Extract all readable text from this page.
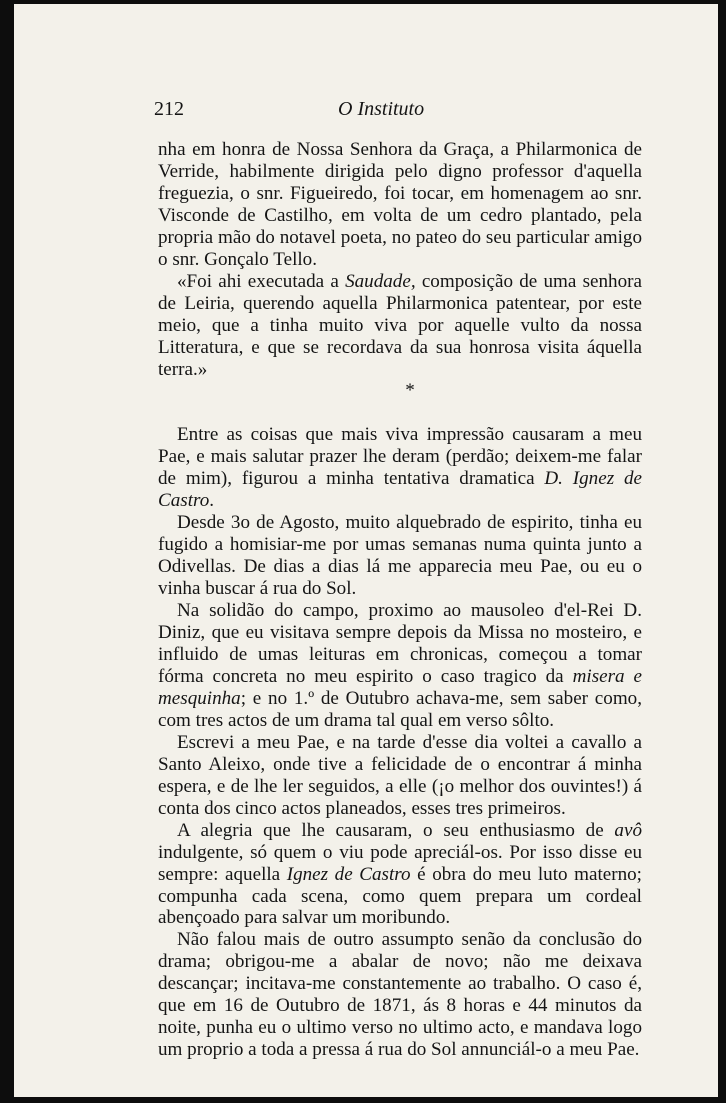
212	O Instituto

nha em honra de Nossa Senhora da Graça, a Philarmonica de Verride, habilmente dirigida pelo digno professor d'aquella freguezia, o snr. Figueiredo, foi tocar, em homenagem ao snr. Visconde de Castilho, em volta de um cedro plantado, pela propria mão do notavel poeta, no pateo do seu particular amigo o snr. Gonçalo Tello.

«Foi ahi executada a Saudade, composição de uma senhora de Leiria, querendo aquella Philarmonica patentear, por este meio, que a tinha muito viva por aquelle vulto da nossa Litteratura, e que se recordava da sua honrosa visita áquella terra.»

*

Entre as coisas que mais viva impressão causaram a meu Pae, e mais salutar prazer lhe deram (perdão; deixem-me falar de mim), figurou a minha tentativa dramatica D. Ignez de Castro.

Desde 3o de Agosto, muito alquebrado de espirito, tinha eu fugido a homisiar-me por umas semanas numa quinta junto a Odivellas. De dias a dias lá me apparecia meu Pae, ou eu o vinha buscar á rua do Sol.

Na solidão do campo, proximo ao mausoleo d'el-Rei D. Diniz, que eu visitava sempre depois da Missa no mosteiro, e influido de umas leituras em chronicas, começou a tomar fórma concreta no meu espirito o caso tragico da misera e mesquinha; e no 1.º de Outubro achava-me, sem saber como, com tres actos de um drama tal qual em verso sôlto.

Escrevi a meu Pae, e na tarde d'esse dia voltei a cavallo a Santo Aleixo, onde tive a felicidade de o encontrar á minha espera, e de lhe ler seguidos, a elle (¡o melhor dos ouvintes!) á conta dos cinco actos planeados, esses tres primeiros.

A alegria que lhe causaram, o seu enthusiasmo de avô indulgente, só quem o viu pode apreciál-os. Por isso disse eu sempre: aquella Ignez de Castro é obra do meu luto materno; compunha cada scena, como quem prepara um cordeal abençoado para salvar um moribundo.

Não falou mais de outro assumpto senão da conclusão do drama; obrigou-me a abalar de novo; não me deixava descançar; incitava-me constantemente ao trabalho. O caso é, que em 16 de Outubro de 1871, ás 8 horas e 44 minutos da noite, punha eu o ultimo verso no ultimo acto, e mandava logo um proprio a toda a pressa á rua do Sol annunciál-o a meu Pae.
